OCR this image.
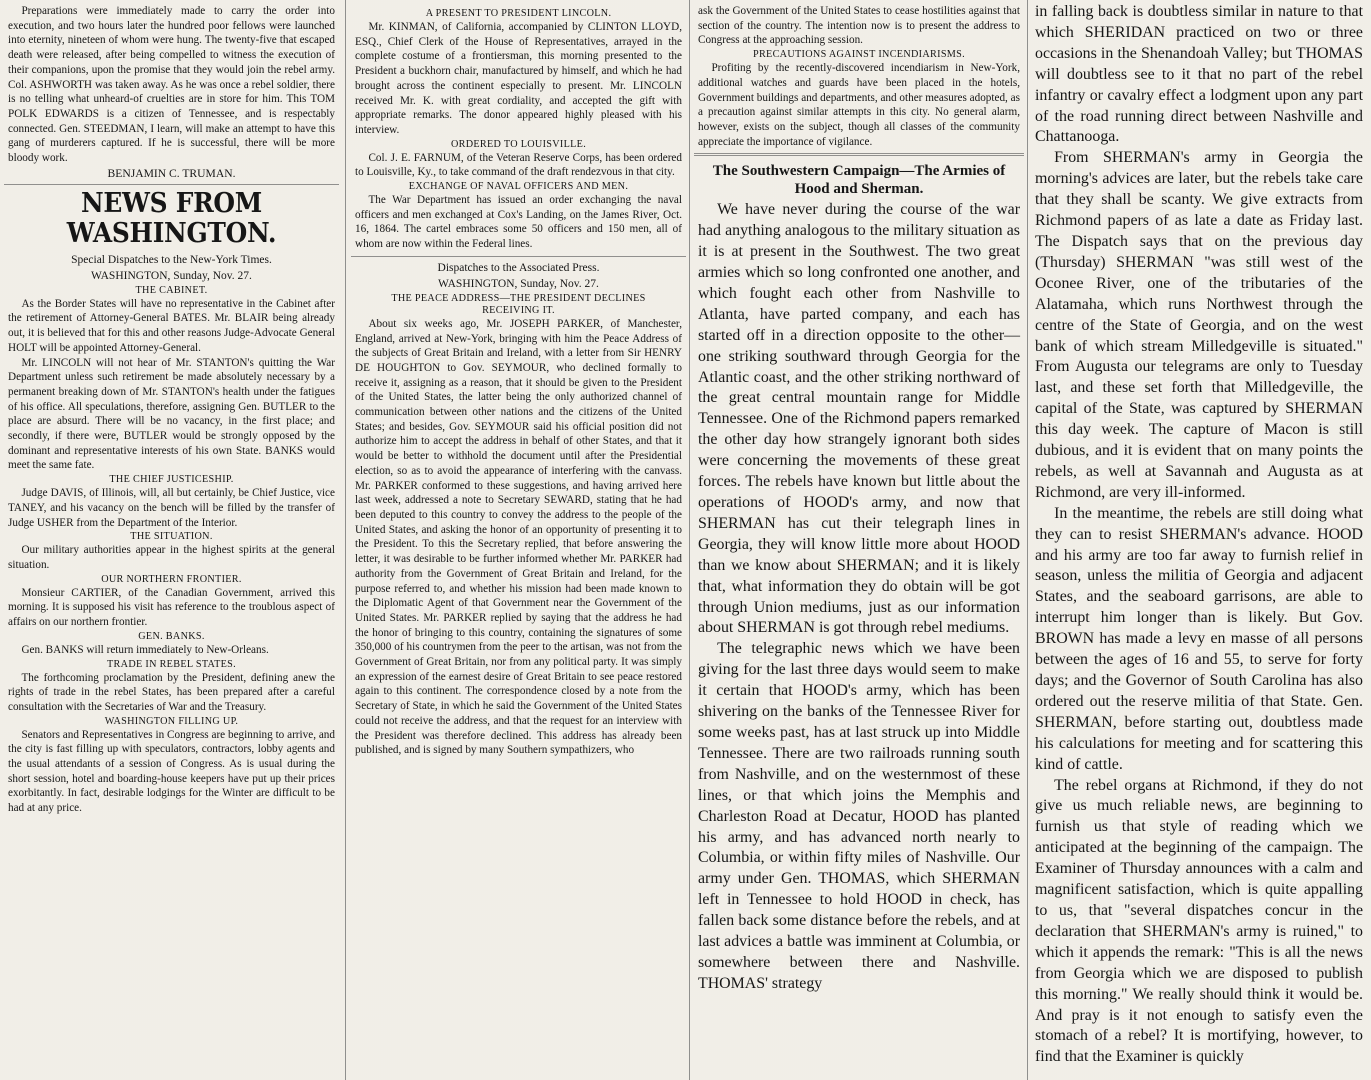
Preparations were immediately made to carry the order into execution, and two hours later the hundred poor fellows were launched into eternity, nineteen of whom were hung. The twenty-five that escaped death were released, after being compelled to witness the execution of their companions, upon the promise that they would join the rebel army. Col. ASHWORTH was taken away. As he was once a rebel soldier, there is no telling what unheard-of cruelties are in store for him. This TOM POLK EDWARDS is a citizen of Tennessee, and is respectably connected. Gen. STEEDMAN, I learn, will make an attempt to have this gang of murderers captured. If he is successful, there will be more bloody work.

BENJAMIN C. TRUMAN.
NEWS FROM WASHINGTON.
Special Dispatches to the New-York Times.
WASHINGTON, Sunday, Nov. 27.
THE CABINET.

As the Border States will have no representative in the Cabinet after the retirement of Attorney-General BATES. Mr. BLAIR being already out, it is believed that for this and other reasons Judge-Advocate General HOLT will be appointed Attorney-General.

Mr. LINCOLN will not hear of Mr. STANTON's quitting the War Department unless such retirement be made absolutely necessary by a permanent breaking down of Mr. STANTON's health under the fatigues of his office. All speculations, therefore, assigning Gen. BUTLER to the place are absurd. There will be no vacancy, in the first place; and secondly, if there were, BUTLER would be strongly opposed by the dominant and representative interests of his own State. BANKS would meet the same fate.

THE CHIEF JUSTICESHIP.

Judge DAVIS, of Illinois, will, all but certainly, be Chief Justice, vice TANEY, and his vacancy on the bench will be filled by the transfer of Judge USHER from the Department of the Interior.

THE SITUATION.

Our military authorities appear in the highest spirits at the general situation.

OUR NORTHERN FRONTIER.

Monsieur CARTIER, of the Canadian Government, arrived this morning. It is supposed his visit has reference to the troublous aspect of affairs on our northern frontier.

GEN. BANKS.

Gen. BANKS will return immediately to New-Orleans.

TRADE IN REBEL STATES.

The forthcoming proclamation by the President, defining anew the rights of trade in the rebel States, has been prepared after a careful consultation with the Secretaries of War and the Treasury.

WASHINGTON FILLING UP.

Senators and Representatives in Congress are beginning to arrive, and the city is fast filling up with speculators, contractors, lobby agents and the usual attendants of a session of Congress. As is usual during the short session, hotel and boarding-house keepers have put up their prices exorbitantly. In fact, desirable lodgings for the Winter are difficult to be had at any price.

A PRESENT TO PRESIDENT LINCOLN.

Mr. KINMAN, of California, accompanied by CLINTON LLOYD, ESQ., Chief Clerk of the House of Representatives, arrayed in the complete costume of a frontiersman, this morning presented to the President a buckhorn chair, manufactured by himself, and which he had brought across the continent especially to present. Mr. LINCOLN received Mr. K. with great cordiality, and accepted the gift with appropriate remarks. The donor appeared highly pleased with his interview.

ORDERED TO LOUISVILLE.

Col. J. E. FARNUM, of the Veteran Reserve Corps, has been ordered to Louisville, Ky., to take command of the draft rendezvous in that city.

EXCHANGE OF NAVAL OFFICERS AND MEN.

The War Department has issued an order exchanging the naval officers and men exchanged at Cox's Landing, on the James River, Oct. 16, 1864. The cartel embraces some 50 officers and 150 men, all of whom are now within the Federal lines.

Dispatches to the Associated Press.
WASHINGTON, Sunday, Nov. 27.
THE PEACE ADDRESS—THE PRESIDENT DECLINES
RECEIVING IT.

About six weeks ago, Mr. JOSEPH PARKER, of Manchester, England, arrived at New-York, bringing with him the Peace Address of the subjects of Great Britain and Ireland, with a letter from Sir HENRY DE HOUGHTON to Gov. SEYMOUR, who declined formally to receive it, assigning as a reason, that it should be given to the President of the United States, the latter being the only authorized channel of communication between other nations and the citizens of the United States; and besides, Gov. SEYMOUR said his official position did not authorize him to accept the address in behalf of other States, and that it would be better to withhold the document until after the Presidential election, so as to avoid the appearance of interfering with the canvass. Mr. PARKER conformed to these suggestions, and having arrived here last week, addressed a note to Secretary SEWARD, stating that he had been deputed to this country to convey the address to the people of the United States, and asking the honor of an opportunity of presenting it to the President. To this the Secretary replied, that before answering the letter, it was desirable to be further informed whether Mr. PARKER had authority from the Government of Great Britain and Ireland, for the purpose referred to, and whether his mission had been made known to the Diplomatic Agent of that Government near the Government of the United States. Mr. PARKER replied by saying that the address he had the honor of bringing to this country, containing the signatures of some 350,000 of his countrymen from the peer to the artisan, was not from the Government of Great Britain, nor from any political party. It was simply an expression of the earnest desire of Great Britain to see peace restored again to this continent. The correspondence closed by a note from the Secretary of State, in which he said the Government of the United States could not receive the address, and that the request for an interview with the President was therefore declined. This address has already been published, and is signed by many Southern sympathizers, who

ask the Government of the United States to cease hostilities against that section of the country. The intention now is to present the address to Congress at the approaching session.

PRECAUTIONS AGAINST INCENDIARISMS.

Profiting by the recently-discovered incendiarism in New-York, additional watches and guards have been placed in the hotels, Government buildings and departments, and other measures adopted, as a precaution against similar attempts in this city. No general alarm, however, exists on the subject, though all classes of the community appreciate the importance of vigilance.

The Southwestern Campaign—The Armies of Hood and Sherman.

We have never during the course of the war had anything analogous to the military situation as it is at present in the Southwest. The two great armies which so long confronted one another, and which fought each other from Nashville to Atlanta, have parted company, and each has started off in a direction opposite to the other—one striking southward through Georgia for the Atlantic coast, and the other striking northward of the great central mountain range for Middle Tennessee. One of the Richmond papers remarked the other day how strangely ignorant both sides were concerning the movements of these great forces. The rebels have known but little about the operations of HOOD's army, and now that SHERMAN has cut their telegraph lines in Georgia, they will know little more about HOOD than we know about SHERMAN; and it is likely that, what information they do obtain will be got through Union mediums, just as our information about SHERMAN is got through rebel mediums.

The telegraphic news which we have been giving for the last three days would seem to make it certain that HOOD's army, which has been shivering on the banks of the Tennessee River for some weeks past, has at last struck up into Middle Tennessee. There are two railroads running south from Nashville, and on the westernmost of these lines, or that which joins the Memphis and Charleston Road at Decatur, HOOD has planted his army, and has advanced north nearly to Columbia, or within fifty miles of Nashville. Our army under Gen. THOMAS, which SHERMAN left in Tennessee to hold HOOD in check, has fallen back some distance before the rebels, and at last advices a battle was imminent at Columbia, or somewhere between there and Nashville. THOMAS' strategy

in falling back is doubtless similar in nature to that which SHERIDAN practiced on two or three occasions in the Shenandoah Valley; but THOMAS will doubtless see to it that no part of the rebel infantry or cavalry effect a lodgment upon any part of the road running direct between Nashville and Chattanooga.

From SHERMAN's army in Georgia the morning's advices are later, but the rebels take care that they shall be scanty. We give extracts from Richmond papers of as late a date as Friday last. The Dispatch says that on the previous day (Thursday) SHERMAN "was still west of the Oconee River, one of the tributaries of the Alatamaha, which runs Northwest through the centre of the State of Georgia, and on the west bank of which stream Milledgeville is situated." From Augusta our telegrams are only to Tuesday last, and these set forth that Milledgeville, the capital of the State, was captured by SHERMAN this day week. The capture of Macon is still dubious, and it is evident that on many points the rebels, as well at Savannah and Augusta as at Richmond, are very ill-informed.

In the meantime, the rebels are still doing what they can to resist SHERMAN's advance. HOOD and his army are too far away to furnish relief in season, unless the militia of Georgia and adjacent States, and the seaboard garrisons, are able to interrupt him longer than is likely. But Gov. BROWN has made a levy en masse of all persons between the ages of 16 and 55, to serve for forty days; and the Governor of South Carolina has also ordered out the reserve militia of that State. Gen. SHERMAN, before starting out, doubtless made his calculations for meeting and for scattering this kind of cattle.

The rebel organs at Richmond, if they do not give us much reliable news, are beginning to furnish us that style of reading which we anticipated at the beginning of the campaign. The Examiner of Thursday announces with a calm and magnificent satisfaction, which is quite appalling to us, that "several dispatches concur in the declaration that SHERMAN's army is ruined," to which it appends the remark: "This is all the news from Georgia which we are disposed to publish this morning." We really should think it would be. And pray is it not enough to satisfy even the stomach of a rebel? It is mortifying, however, to find that the Examiner is quickly
